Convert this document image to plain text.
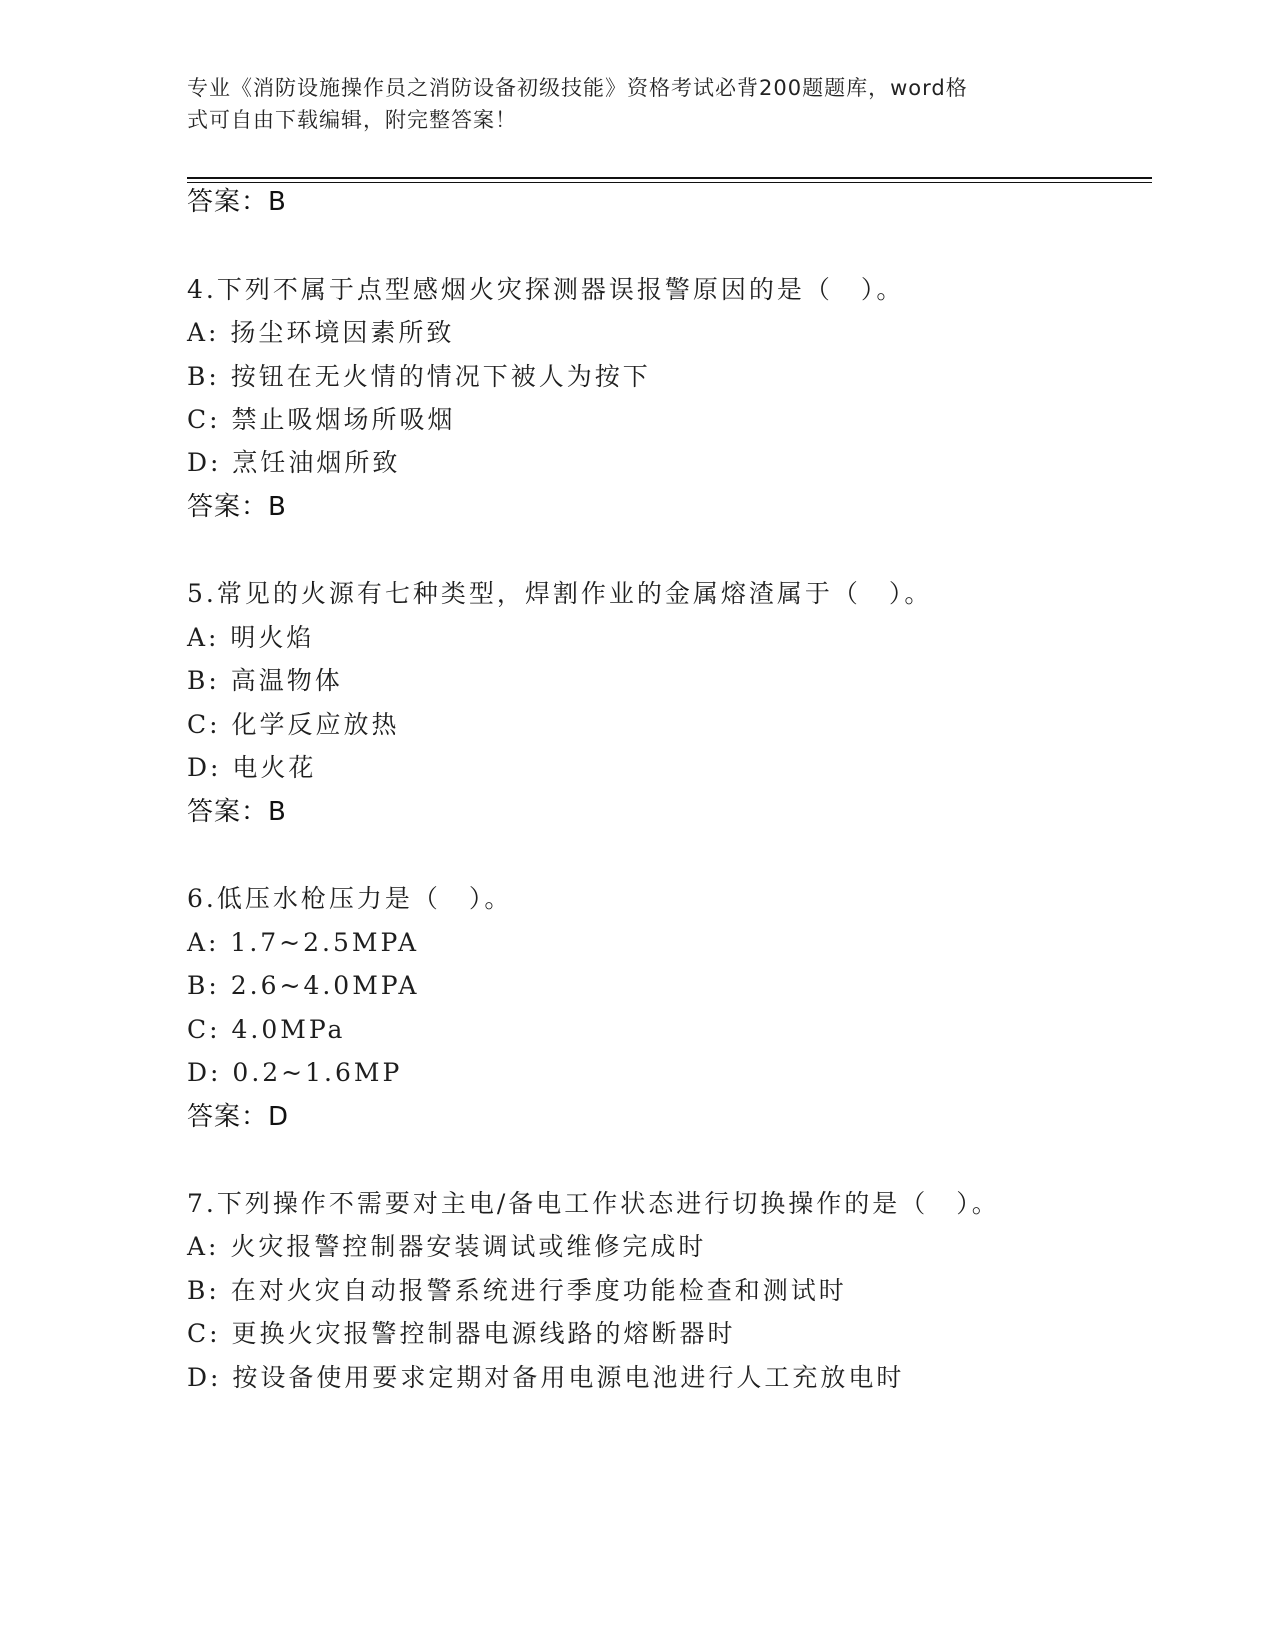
专业《消防设施操作员之消防设备初级技能》资格考试必背200题题库，word格
式可自由下载编辑，附完整答案！
答案：B
4.下列不属于点型感烟火灾探测器误报警原因的是（　）。
A: 扬尘环境因素所致
B: 按钮在无火情的情况下被人为按下
C: 禁止吸烟场所吸烟
D: 烹饪油烟所致
答案：B
5.常见的火源有七种类型，焊割作业的金属熔渣属于（　）。
A: 明火焰
B: 高温物体
C: 化学反应放热
D: 电火花
答案：B
6.低压水枪压力是（　）。
A: 1.7~2.5MPA
B: 2.6~4.0MPA
C: 4.0MPa
D: 0.2~1.6MP
答案：D
7.下列操作不需要对主电/备电工作状态进行切换操作的是（　）。
A: 火灾报警控制器安装调试或维修完成时
B: 在对火灾自动报警系统进行季度功能检查和测试时
C: 更换火灾报警控制器电源线路的熔断器时
D: 按设备使用要求定期对备用电源电池进行人工充放电时
